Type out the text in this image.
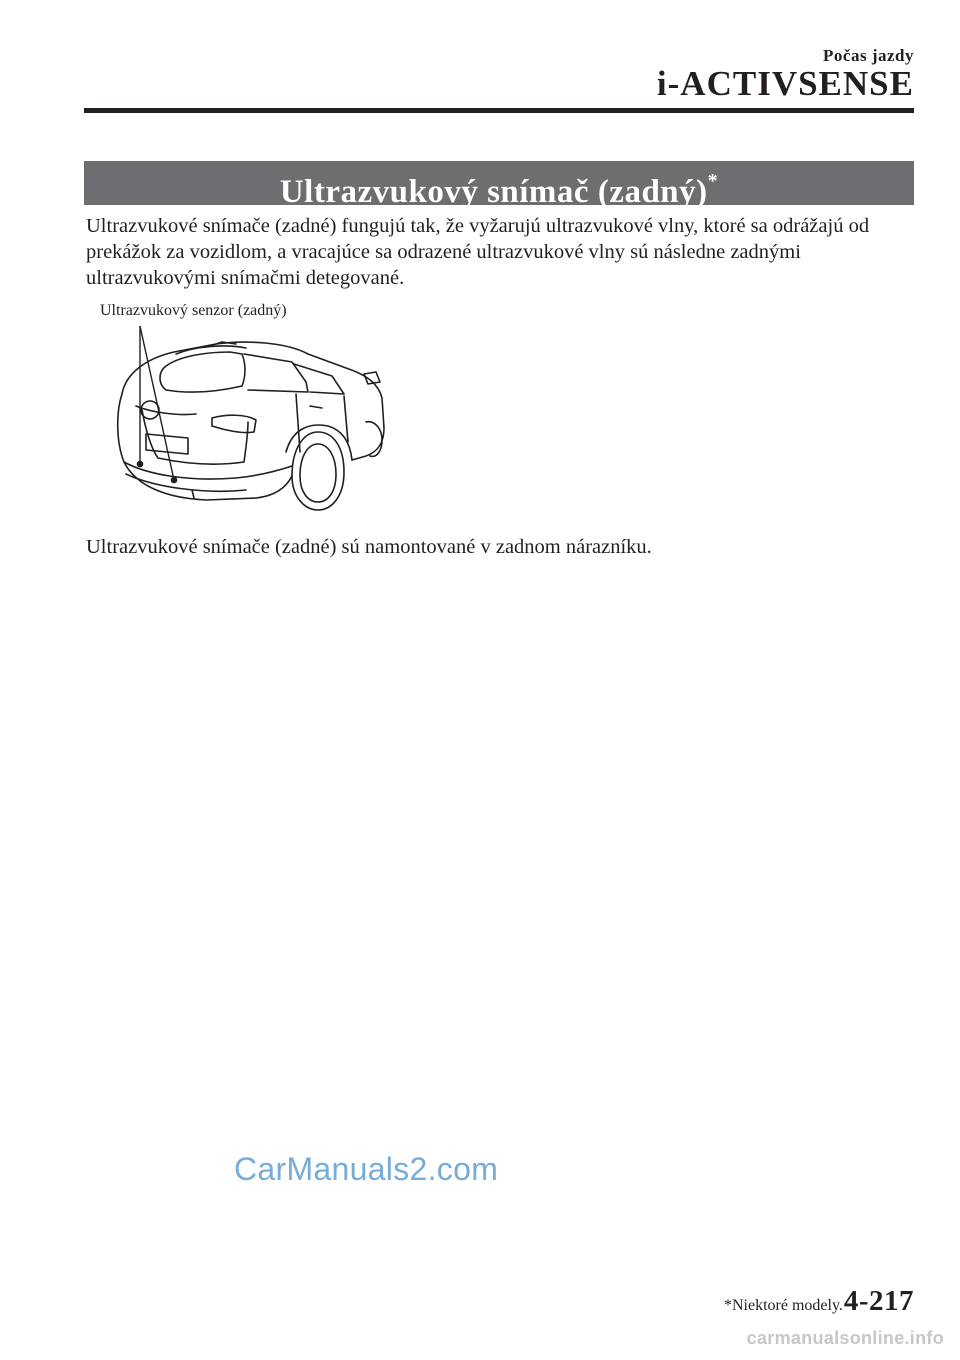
Počas jazdy
i-ACTIVSENSE
Ultrazvukový snímač (zadný)*
Ultrazvukové snímače (zadné) fungujú tak, že vyžarujú ultrazvukové vlny, ktoré sa odrážajú od prekážok za vozidlom, a vracajúce sa odrazené ultrazvukové vlny sú následne zadnými ultrazvukovými snímačmi detegované.
Ultrazvukový senzor (zadný)
Ultrazvukové snímače (zadné) sú namontované v zadnom nárazníku.
CarManuals2.com
*Niektoré modely. 4-217
carmanualsonline.info
